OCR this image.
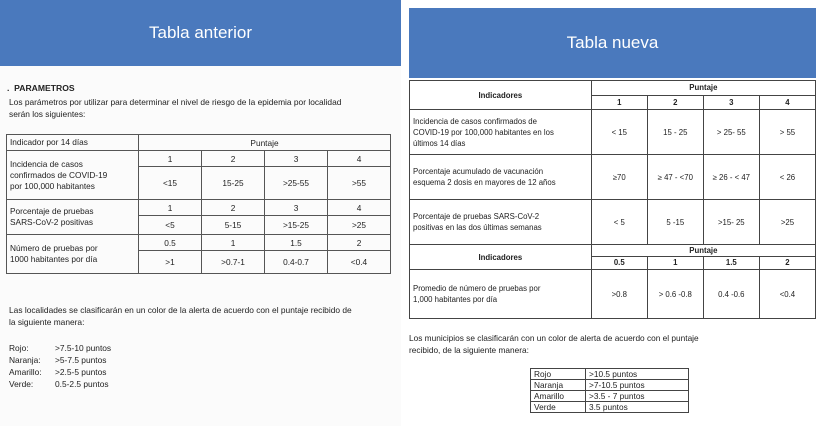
Tabla anterior
Tabla nueva
. PARAMETROS
Los parámetros por utilizar para determinar el nivel de riesgo de la epidemia por localidad
serán los siguientes:
Indicador por 14 días	Puntaje			

Incidencia de casos
confirmados de COVID-19
por 100,000 habitantes	1	2	3	4
	<15	15-25	>25-55	>55

Porcentaje de pruebas
SARS-CoV-2 positivas	1	2	3	4
	<5	5-15	>15-25	>25

Número de pruebas por
1000 habitantes por día	0.5	1	1.5	2
	>1	>0.7-1	0.4-0.7	<0.4
Las localidades se clasificarán en un color de la alerta de acuerdo con el puntaje recibido de
la siguiente manera:
Rojo:	>7.5-10 puntos
Naranja: >5-7.5 puntos
Amarillo: >2.5-5 puntos
Verde:	0.5-2.5 puntos
Indicadores	Puntaje			
	1	2	3	4

Incidencia de casos confirmados de
COVID-19 por 100,000 habitantes en los
últimos 14 días	< 15	15 - 25	> 25- 55	> 55

Porcentaje acumulado de vacunación
esquema 2 dosis en mayores de 12 años	≥70	≥ 47 - <70	≥ 26 - < 47	< 26

Porcentaje de pruebas SARS-CoV-2
positivas en las dos últimas semanas	< 5	5 -15	>15- 25	>25
Indicadores	Puntaje			
	0.5	1	1.5	2

Promedio de número de pruebas por
1,000 habitantes por día	>0.8	> 0.6 -0.8	0.4 -0.6	<0.4
Los municipios se clasificarán con un color de alerta de acuerdo con el puntaje
recibido, de la siguiente manera:
Rojo	>10.5 puntos
Naranja	>7-10.5 puntos
Amarillo	>3.5 - 7 puntos
Verde	3.5 puntos
